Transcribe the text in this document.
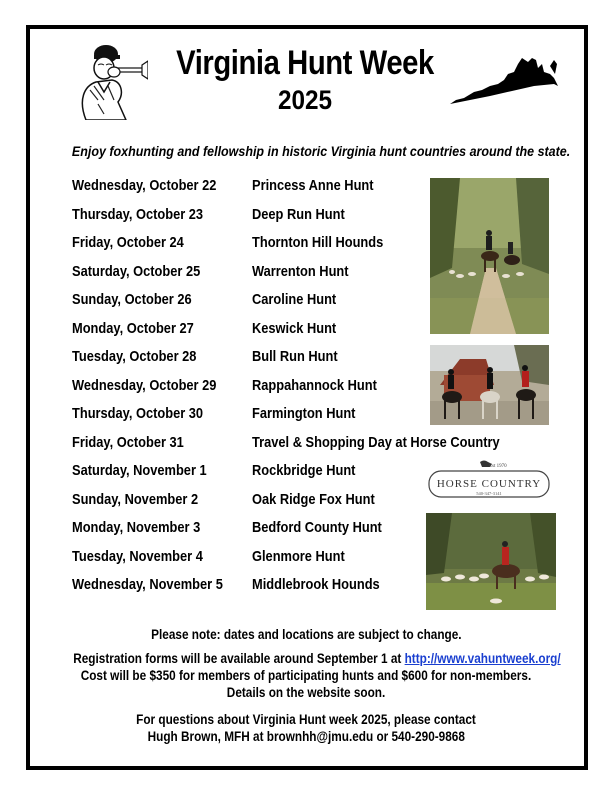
Virginia Hunt Week
2025
Enjoy foxhunting and fellowship in historic Virginia hunt countries around the state.
Wednesday, October 22 Princess Anne Hunt
Thursday, October 23	Deep Run Hunt
Friday, October 24	Thornton Hill Hounds
Saturday, October 25	Warrenton Hunt
Sunday, October 26	Caroline Hunt
Monday, October 27	Keswick Hunt
Tuesday, October 28	Bull Run Hunt
Wednesday, October 29 Rappahannock Hunt
Thursday, October 30	Farmington Hunt
Friday, October 31	Travel & Shopping Day at Horse Country
Saturday, November 1	Rockbridge Hunt
Sunday, November 2	Oak Ridge Fox Hunt
Monday, November 3	Bedford County Hunt
Tuesday, November 4	Glenmore Hunt
Wednesday, November 5 Middlebrook Hounds
Est 1970
HORSE COUNTRY
540-347-3141
Please note: dates and locations are subject to change.
Registration forms will be available around September 1 at http://www.vahuntweek.org/
Cost will be $350 for members of participating hunts and $600 for non-members.
Details on the website soon.
For questions about Virginia Hunt week 2025, please contact
Hugh Brown, MFH at brownhh@jmu.edu or 540-290-9868
